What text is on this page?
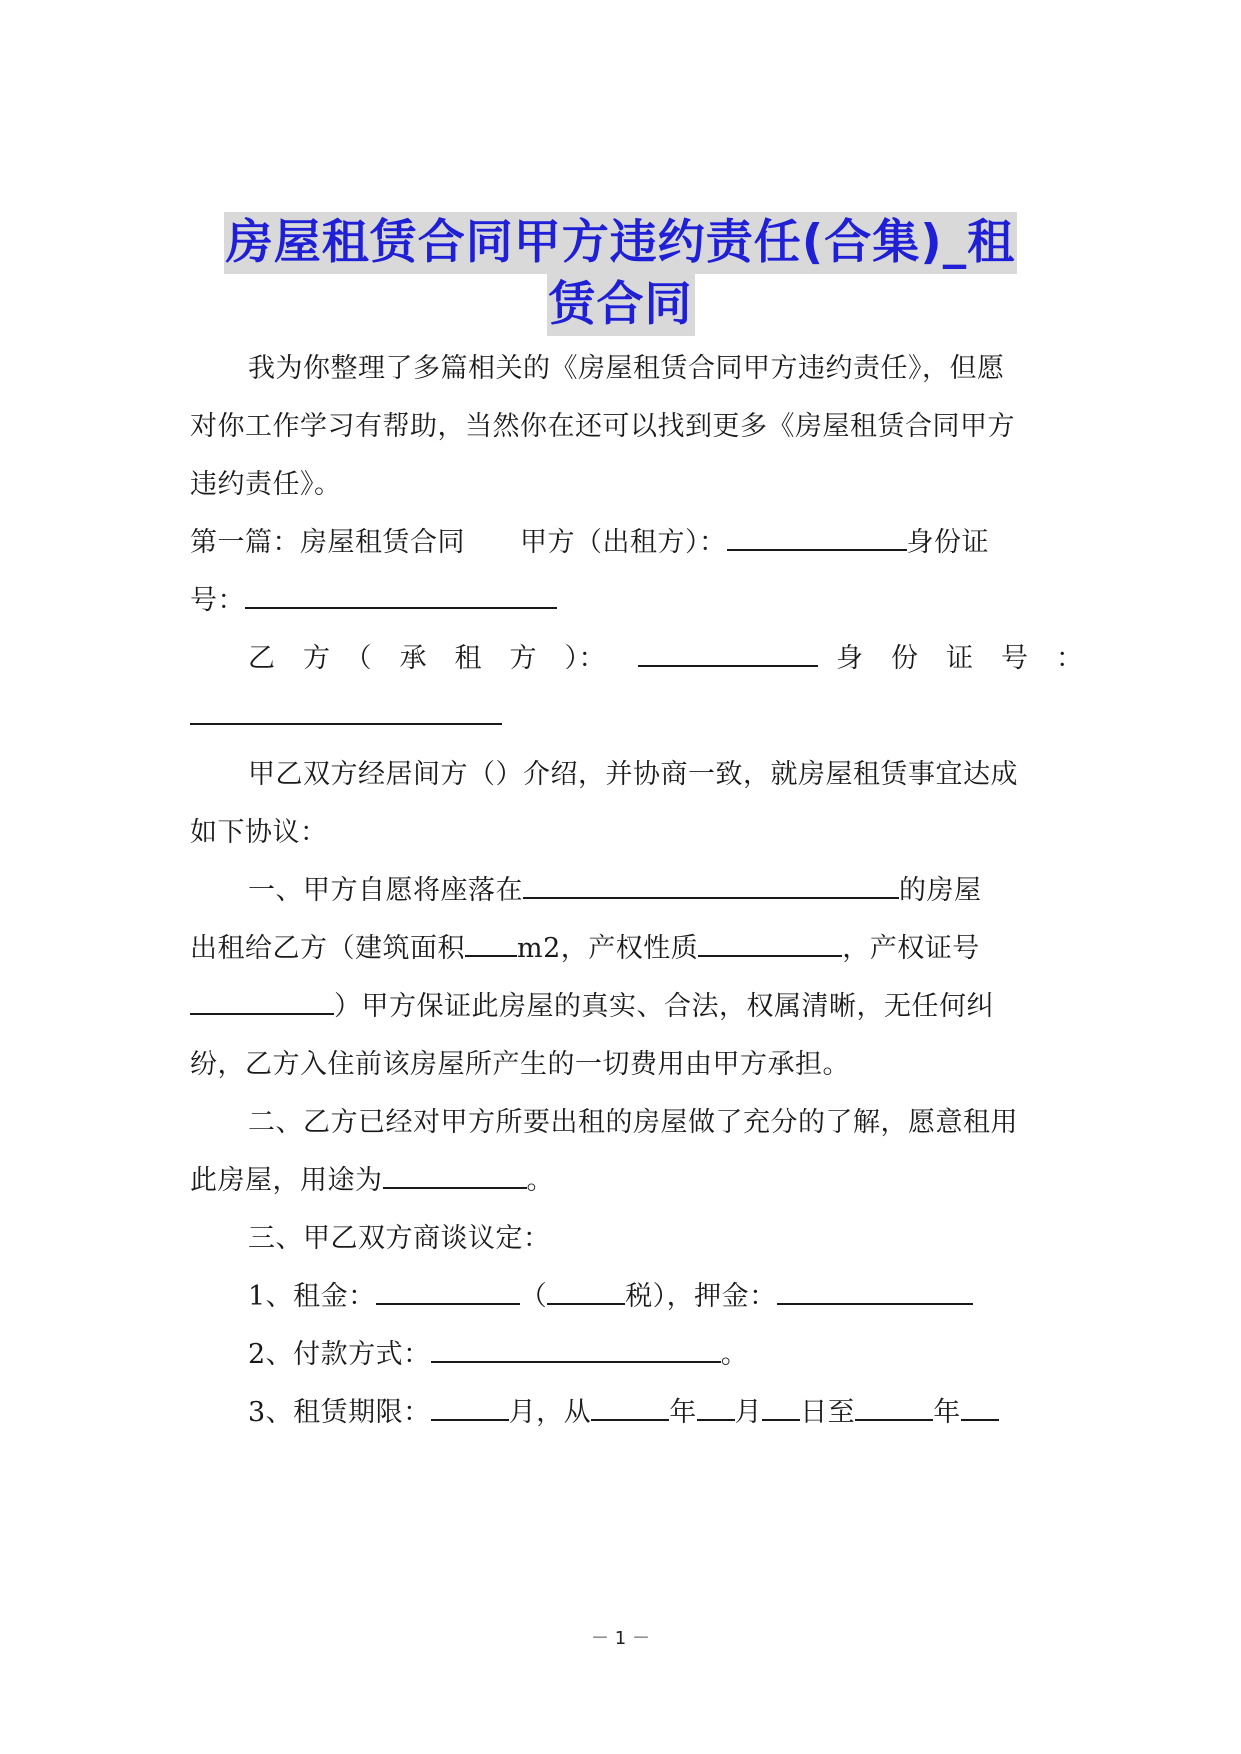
房屋租赁合同甲方违约责任(合集)_租
赁合同
我为你整理了多篇相关的《房屋租赁合同甲方违约责任》，但愿
对你工作学习有帮助，当然你在还可以找到更多《房屋租赁合同甲方
违约责任》。
第一篇：房屋租赁合同　　甲方（出租方）：	身份证
号：
乙　方　（　承　租　方　）：	身　份　证　号　：
甲乙双方经居间方（）介绍，并协商一致，就房屋租赁事宜达成
如下协议：
一、甲方自愿将座落在	的房屋
出租给乙方（建筑面积 m2，产权性质	，产权证号
）甲方保证此房屋的真实、合法，权属清晰，无任何纠
纷，乙方入住前该房屋所产生的一切费用由甲方承担。
二、乙方已经对甲方所要出租的房屋做了充分的了解，愿意租用
此房屋，用途为	。
三、甲乙双方商谈议定：
1、租金：	（	税），押金：
2、付款方式：	。
3、租赁期限：	月，从	年 月 日至	年
－ 1 －
